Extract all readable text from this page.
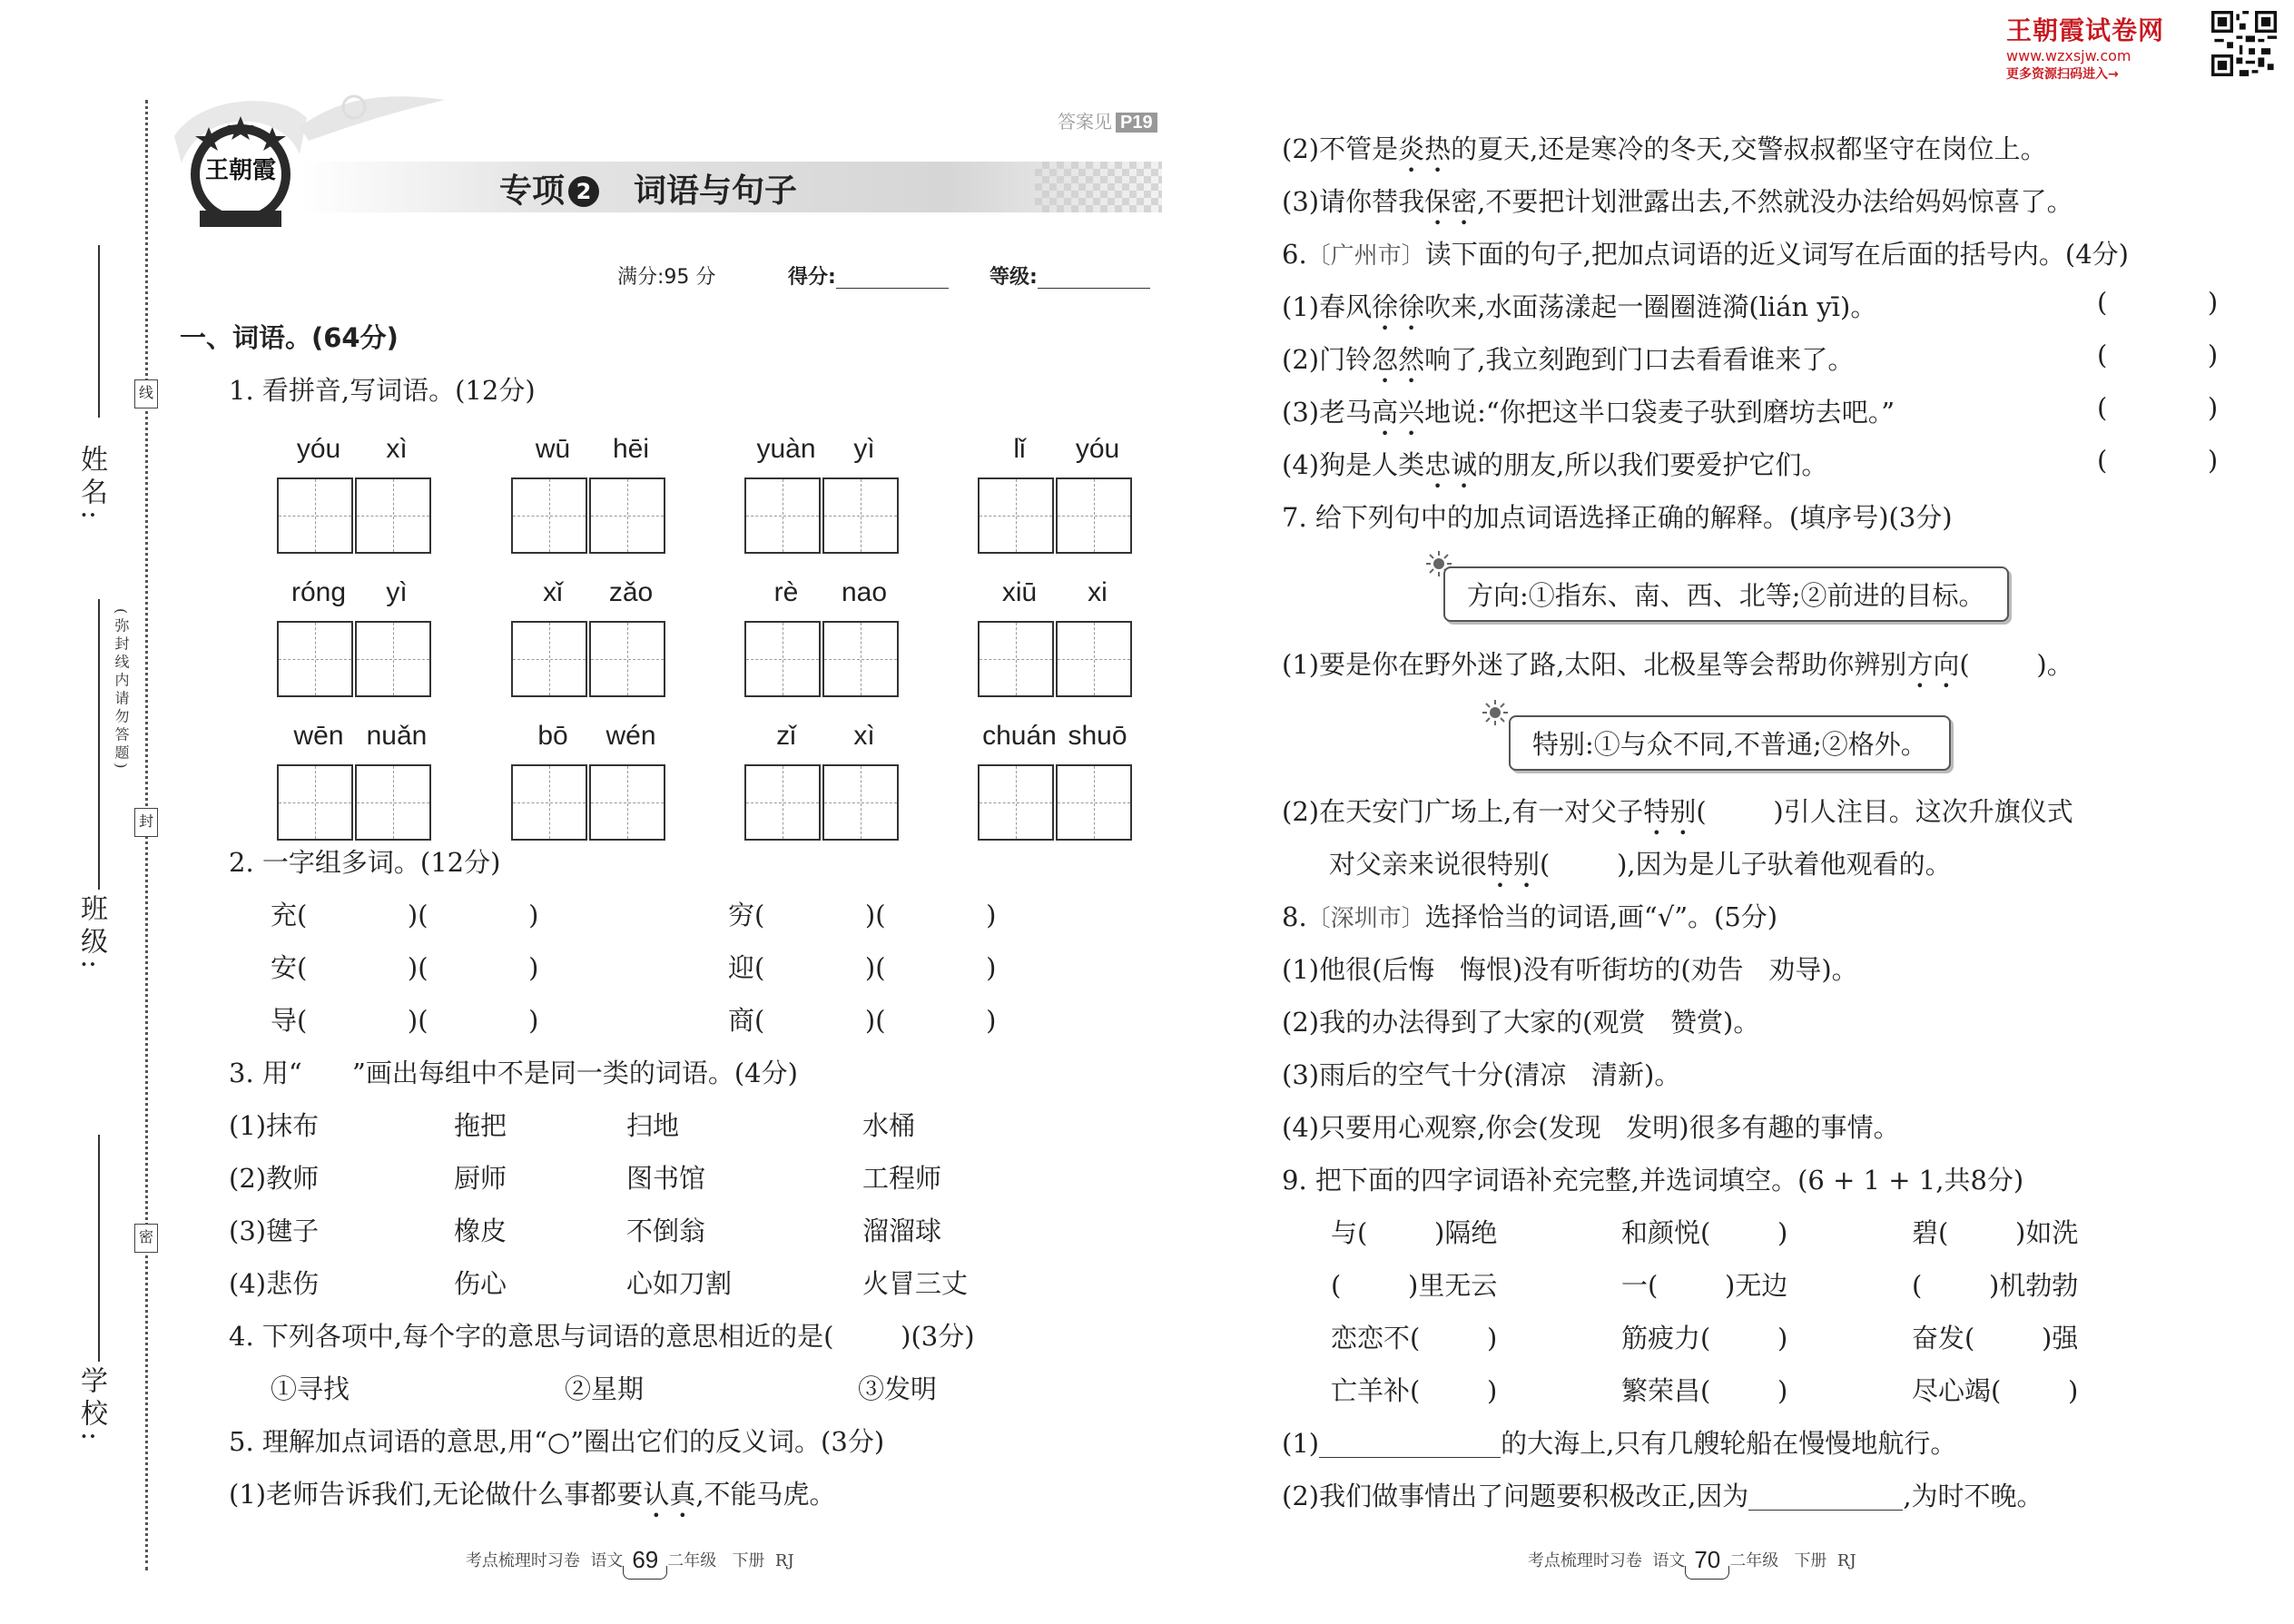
姓名:
班级:
学校:
线
封
密
(弥封线内请勿答题)
王朝霞
答案见 P19
专项 2 词语与句子
满分:95 分	得分:	等级:
一、词语。(64分)
1. 看拼音,写词语。(12分)
yóu	xì	wū	hēi	yuàn	yì	lǐ	yóu
róng	yì	xǐ	zǎo	rè	nao	xiū	xi
wēn nuǎn	bō	wén	zǐ	xì	chuán shuō
2. 一字组多词。(12分)
充(            )(            )	穷(            )(            )
安(            )(            )	迎(            )(            )
导(            )(            )	商(            )(            )
3. 用“      ”画出每组中不是同一类的词语。(4分)
(1)抹布	拖把	扫地	水桶
(2)教师	厨师	图书馆	工程师
(3)毽子	橡皮	不倒翁	溜溜球
(4)悲伤	伤心	心如刀割	火冒三丈
4. 下列各项中,每个字的意思与词语的意思相近的是(        )(3分)
①寻找	②星期	③发明
5. 理解加点词语的意思,用“○”圈出它们的反义词。(3分)
(1)老师告诉我们,无论做什么事都要认真,不能马虎。

考点梳理时习卷 语文 69 二年级 下册 RJ

(2)不管是炎热的夏天,还是寒冷的冬天,交警叔叔都坚守在岗位上。
(3)请你替我保密,不要把计划泄露出去,不然就没办法给妈妈惊喜了。
6.〔广州市〕读下面的句子,把加点词语的近义词写在后面的括号内。(4分)
(1)春风徐徐吹来,水面荡漾起一圈圈涟漪(lián yī)。	(            )
(2)门铃忽然响了,我立刻跑到门口去看看谁来了。	(            )
(3)老马高兴地说:“你把这半口袋麦子驮到磨坊去吧。”	(            )
(4)狗是人类忠诚的朋友,所以我们要爱护它们。	(            )
7. 给下列句中的加点词语选择正确的解释。(填序号)(3分)
方向:①指东、南、西、北等;②前进的目标。
(1)要是你在野外迷了路,太阳、北极星等会帮助你辨别方向(        )。
特别:①与众不同,不普通;②格外。
(2)在天安门广场上,有一对父子特别(        )引人注目。这次升旗仪式
对父亲来说很特别(        ),因为是儿子驮着他观看的。
8.〔深圳市〕选择恰当的词语,画“√”。(5分)
(1)他很(后悔   悔恨)没有听街坊的(劝告   劝导)。
(2)我的办法得到了大家的(观赏   赞赏)。
(3)雨后的空气十分(清凉   清新)。
(4)只要用心观察,你会(发现   发明)很多有趣的事情。
9. 把下面的四字词语补充完整,并选词填空。(6 + 1 + 1,共8分)
与(        )隔绝	和颜悦(        )	碧(        )如洗
(        )里无云	一(        )无边	(        )机勃勃
恋恋不(        )	筋疲力(        )	奋发(        )强
亡羊补(        )	繁荣昌(        )	尽心竭(        )
(1)	的大海上,只有几艘轮船在慢慢地航行。
(2)我们做事情出了问题要积极改正,因为	,为时不晚。

考点梳理时习卷 语文 70 二年级 下册 RJ

王朝霞试卷网
www.wzxsjw.com
更多资源扫码进入→
